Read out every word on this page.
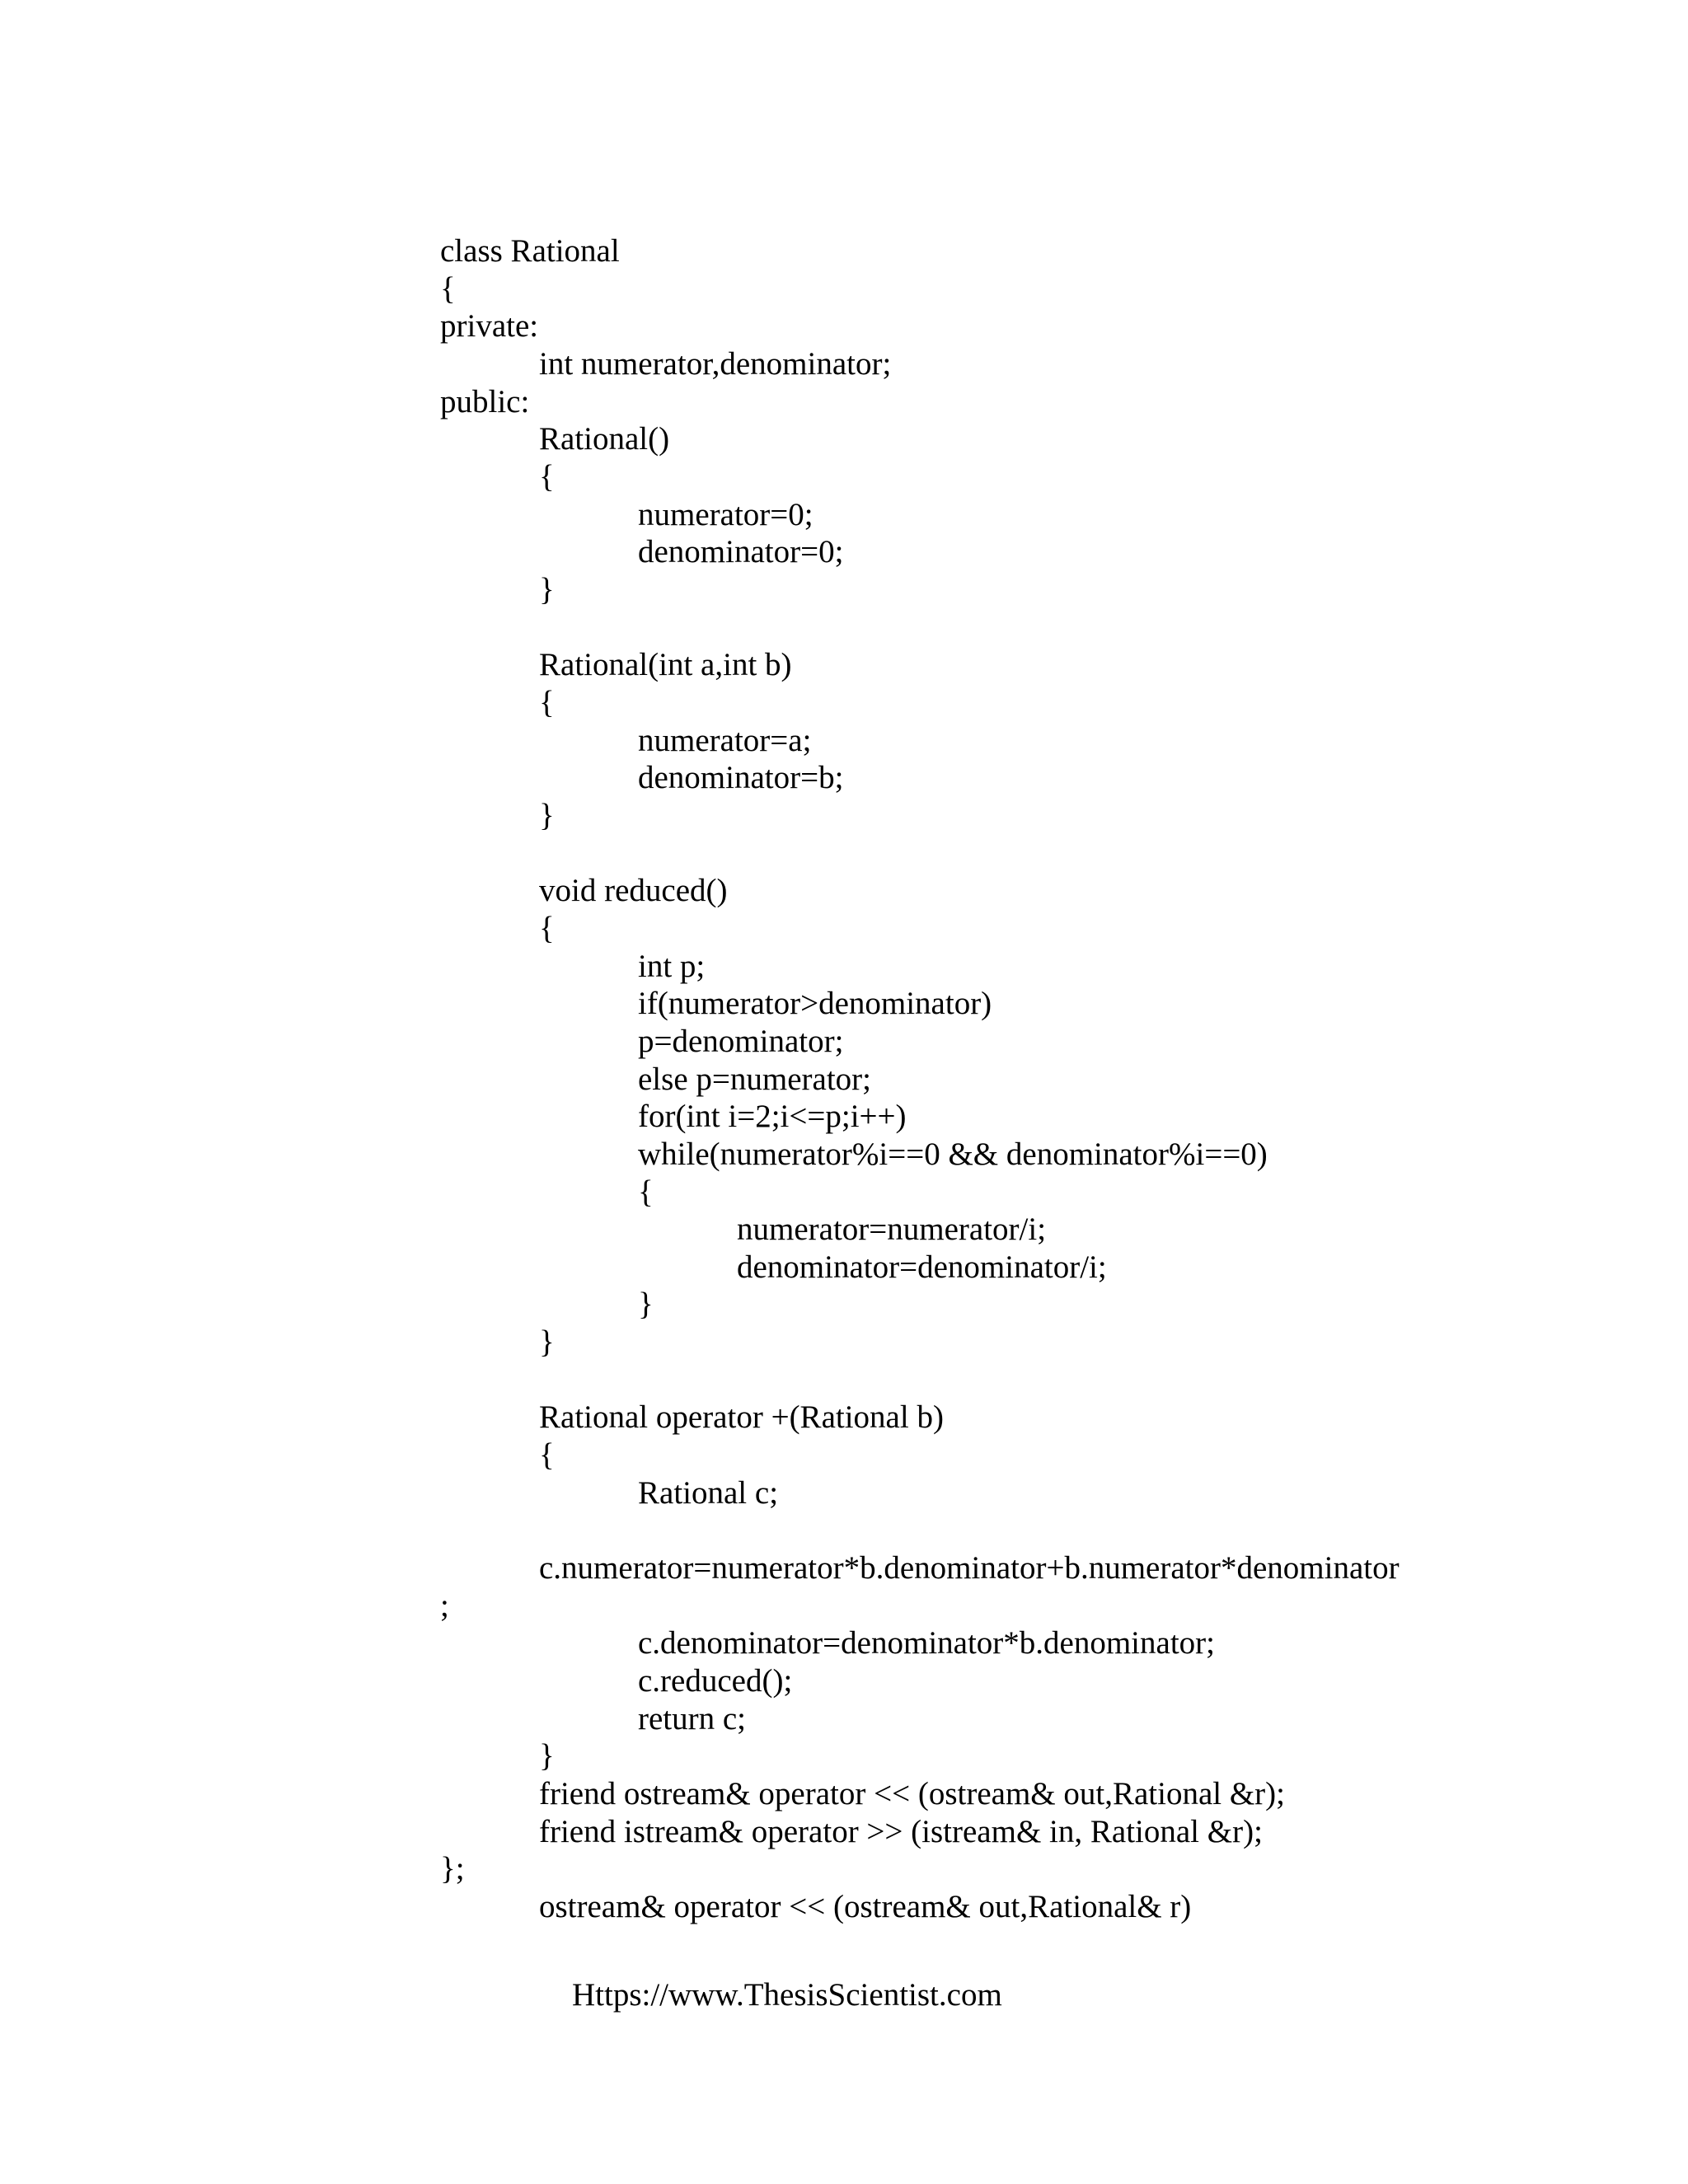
class Rational
{
private:
int numerator,denominator;
public:
Rational()
{
numerator=0;
denominator=0;
}
Rational(int a,int b)
{
numerator=a;
denominator=b;
}
void reduced()
{
int p;
if(numerator>denominator)
p=denominator;
else p=numerator;
for(int i=2;i<=p;i++)
while(numerator%i==0 && denominator%i==0)
{
numerator=numerator/i;
denominator=denominator/i;
}
}
Rational operator +(Rational b)
{
Rational c;
c.numerator=numerator*b.denominator+b.numerator*denominator
;
c.denominator=denominator*b.denominator;
c.reduced();
return c;
}
friend ostream& operator << (ostream& out,Rational &r);
friend istream& operator >> (istream& in, Rational &r);
};
ostream& operator << (ostream& out,Rational& r)
Https://www.ThesisScientist.com
